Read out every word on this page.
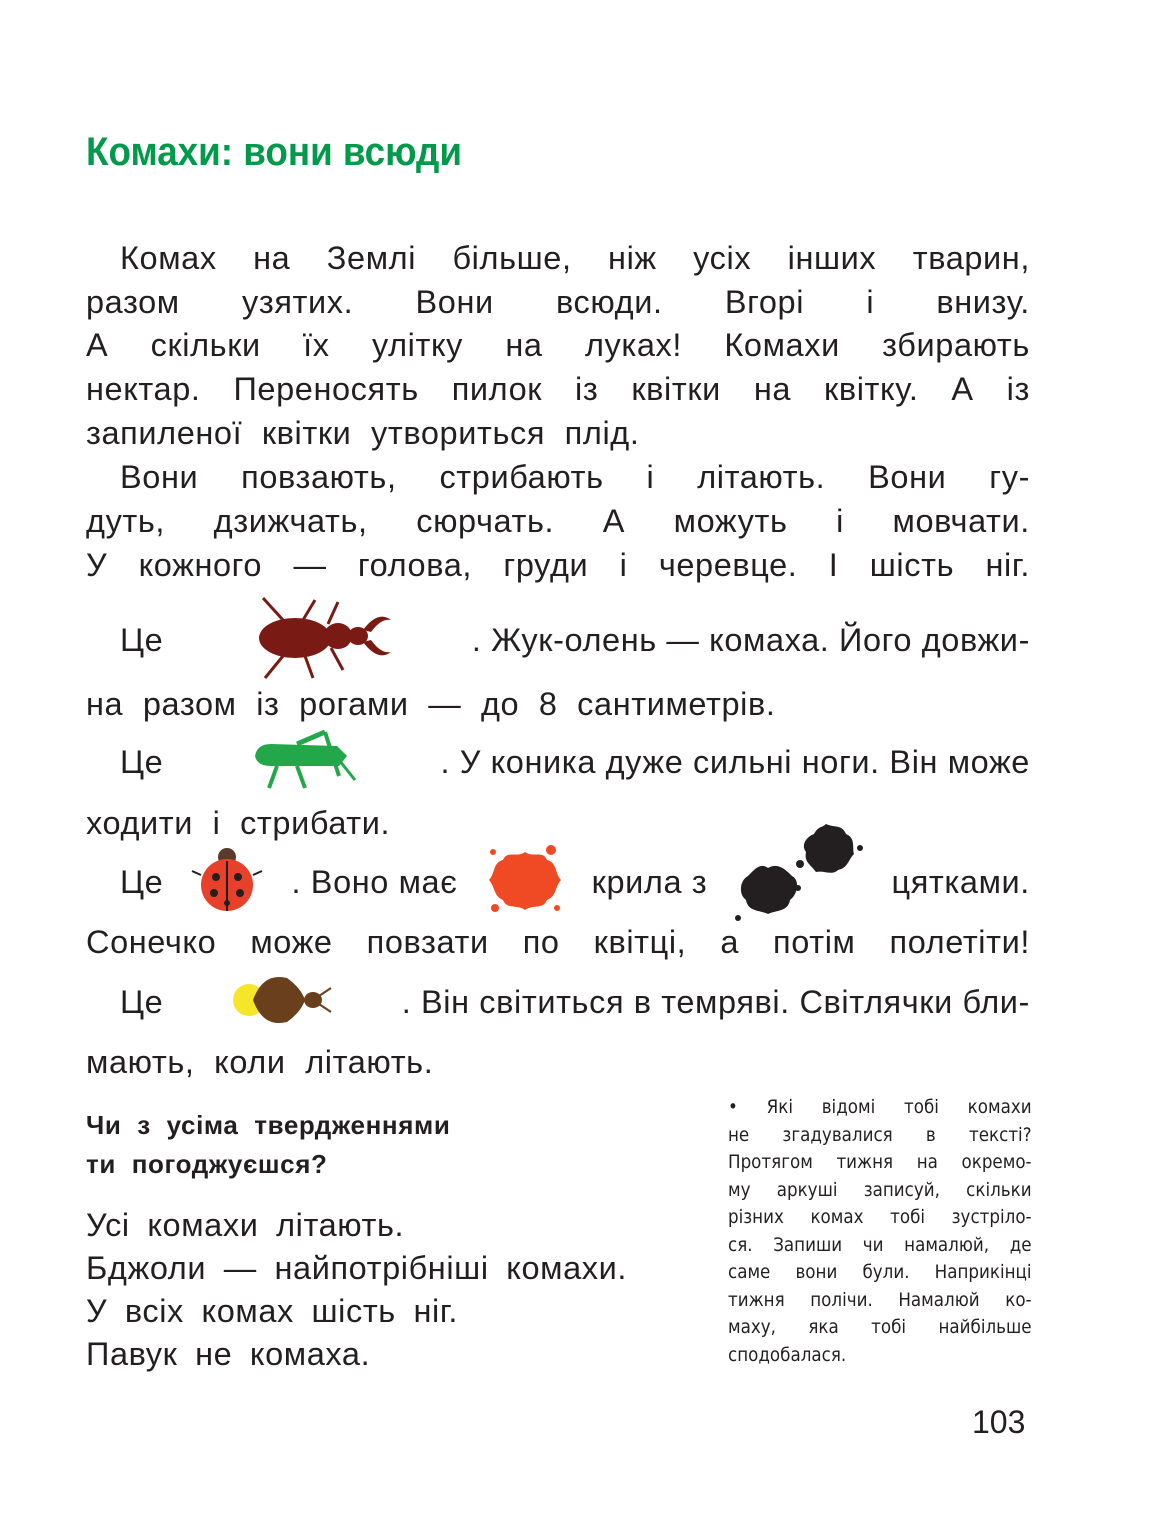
Комахи: вони всюди
Комах на Землі більше, ніж усіх інших тварин,
разом узятих. Вони всюди. Вгорі і внизу.
А скільки їх улітку на луках! Комахи збирають
нектар. Переносять пилок із квітки на квітку. А із
запиленої квітки утвориться плід.
Вони повзають, стрибають і літають. Вони гу-
дуть, дзижчать, сюрчать. А можуть і мовчати.
У кожного — голова, груди і черевце. І шість ніг.
Це	. Жук-олень — комаха. Його довжи-
на разом із рогами — до 8 сантиметрів.
Це	. У коника дуже сильні ноги. Він може
ходити і стрибати.
Це	. Воно має	крила з	цятками.
Сонечко може повзати по квітці, а потім полетіти!
Це	. Він світиться в темряві. Світлячки бли-
мають, коли літають.
Чи з усіма твердженнями
ти погоджуєшся?
Усі комахи літають.
Бджоли — найпотрібніші комахи.
У всіх комах шість ніг.
Павук не комаха.
• Які відомі тобі комахи
не згадувалися в тексті?
Протягом тижня на окремо-
му аркуші записуй, скільки
різних комах тобі зустріло-
ся. Запиши чи намалюй, де
саме вони були. Наприкінці
тижня полічи. Намалюй ко-
маху, яка тобі найбільше
сподобалася.
103
